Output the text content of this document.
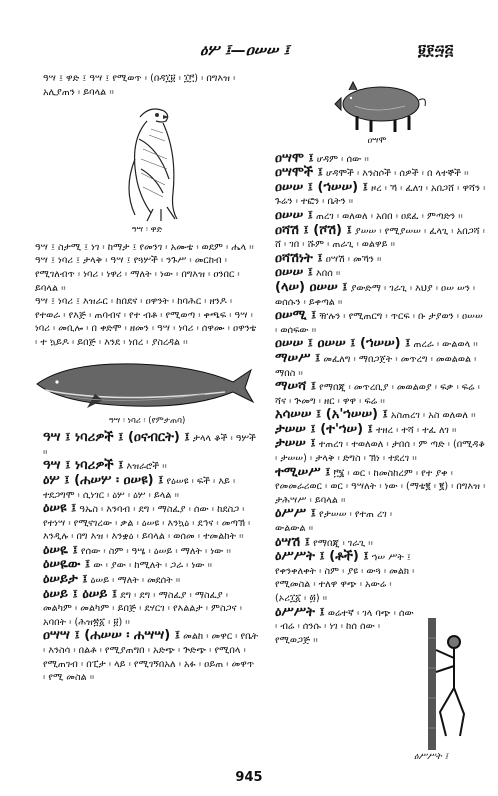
ዕሦ ፤—ዐሠሠ ፤	፱፻፵፭

ዓሣ ፤ ዋድ ፤ ዓሣ ፤ የሚወጥ ፡ (በዳ፲፱ ፡ ፲፫) ፡ በግእዝ ፡ አሊያጠን ፡ ይባላል ፡፡

ዓሣ ፡ ዋድ

ዓሣ ፤ ስታሚ ፤ ነገ ፡ ከማታ ፤ የመንገ ፡ አሙቴ ፡ ወደም ፡ ሔላ ፡፡

ዓሣ ፤ ነባሪ ፤ ታላቅ ፡ ዓሣ ፤ የጓሦች ፡ ንጉሥ ፡ መርከብ ፡ የሚገለብጥ ፡ ነባሪ ፡ ነዋሪ ፡ ማለት ፡ ነው ፡ በግእዝ ፡ ዐንበር ፡ ይባላል ፡፡

ዓሣ ፤ ነባሪ ፤ እዝራር ፡ ከበደና ፡ ዐዋንት ፡ ከባሕር ፡ ዘንዶ ፡ የተወራ ፡ የእጅ ፡ ጠባብና ፡ የተ ብቶ ፡ የሚወጣ ፡ ቀጫፍ ፡ ዓሣ ፡ ነባሪ ፡ መቢሎ ፡ በ ቀድሞ ፡ ዘመን ፡ ዓሣ ፡ ነባሪ ፡ ሰዋሙ ፡ ዐዋንቴ ፡ ተ ኳይዶ ፡ ይበጅ ፡ እንደ ፡ ነበረ ፡ ያስረዳል ፡፡

ዓሣ ፡ ነባሪ ፡ (የምታጠባ)

ዓሣ ፤ ነባሪዎች ፤ (ዐናብርት) ፤ ታላላ ቆች ፡ ዓሦች ፡፡

ዓሣ ፤ ነባሪዎች ፤ እዝራሮች ፡፡

ዕሦ ፤ (ሐሠሦ ፡ ዐሠዩ) ፤ የዕሠዩ ፡ ፍች ፡ እይ ፡ ተደጋግሞ ፡ ሲነገር ፡ ዕሦ ፡ ዕሦ ፡ ይላል ፡፡

ዕሠዩ ፤ ዓኤስ ፡ እንባብ ፡ ደግ ፡ ማስፈያ ፡ ሰው ፡ ከደስጋ ፡ የተነሣ ፡ የሚናገረው ፡ ቃል ፡ ዕሠዩ ፡ እንኳዕ ፡ ደኅና ፡ መጣኽ ፡ እንዲሉ ፡ በግ እዝ ፡ እንቋዕ ፡ ይባላል ፡ ወሰመ ፡ ተመልከት ፡፡

ዕሠዬ ፤ የሰው ፡ ስም ፡ ዓሤ ፡ ዕሠይ ፡ ማለት ፡ ነው ፡፡

ዕሠዬው ፤ ው ፡ ያው ፡ ከሚለት ፡ ጋራ ፡ ነው ፡፡

ዕሠይታ ፤ ዕሠይ ፡ ማለት ፡ መደሰት ፡፡

ዕሠይ ፤ ዕሠይ ፤ ደግ ፡ ደግ ፡ ማስፈያ ፡ ማስፈያ ፡ መልካም ፡ መልካም ፡ ይበጅ ፡ ደሃርገ ፡ የእልልታ ፡ ምስጋና ፡ አባበት ፡ (ሕዝ፳፩ ፡ ፱) ፡፡

ዐሣሣ ፤ (ሐሠሠ ፡ ሐሣሣ) ፤ መልከ ፡ መዋር ፡ የቤት ፡ እንስሳ ፡ በልቶ ፡ የሚያጠግበ ፡ አድጭ ፡ ጕድጭ ፡ የሚበላ ፡ የሚጠገብ ፡ በፒታ ፡ ላይ ፡ የሚገኝበአለ ፡ አፉ ፡ ዐይጠ ፡ መዋጥ ፡ የሚ መስል ፡፡

ዐሣሞ

ዐሣሞ ፤ ሆዳም ፡ ሰው ፡፡

ዐሣሞች ፤ ሆዳሞች ፡ እንስሶች ፡ ሰዎች ፡ በ ላተኞች ፡፡

ዐሠሠ ፤ (ኀሠሠ) ፤ ዞረ ፡ ኻ ፡ ፈለገ ፡ አበጋሸ ፡ ዋሻን ፡ ጉሬን ፡ ተፎን ፡ ቤትን ፡፡

ዐሠሠ ፤ ጠረገ ፡ ወለወለ ፡ አበበ ፡ ዐደፈ ፡ ምጣድን ፡፡

ዐሻሽ ፤ (ሾሽ) ፤ ያሠሠ ፡ የሚያሠሠ ፡ ፈላጊ ፡ አበጋሻ ፡ ሸ ፡ ገበ ፡ ሹም ፡ ጠራጊ ፡ ወልዋይ ፡፡

ዐሻሽነት ፤ ዐሣሽ ፡ መኻን ፡፡

ዐሠሠ ፤ እበሰ ፡፡

(ላሠ) ዐሠሠ ፤ ያውድማ ፡ ገራጊ ፡ እህያ ፡ ዐሠ ሠን ፡ ወሰሱን ፡ ይቀጣል ፡፡

ዐሠሚ ፤ ዥሉን ፡ የሚጠርግ ፡ ጥርፍ ፡ ቡ ታያወን ፡ ዐሠሠ ፡ ወሰፍው ፡፡

ዐሠሠ ፤ ዐሠሠ ፤ (ኀሠሠ) ፤ ጠረራ ፡ ውልወላ ፡፡

ማሠሥ ፤ መፈለግ ፡ ማበጋጀት ፡ መጥረግ ፡ መወልወል ፡ ማበስ ፡፡

ማሠሻ ፤ የማበጂ ፡ መጥረቢያ ፡ መወልወያ ፡ ፍቃ ፡ ፍሬ ፡ ሻና ፡ ጕመግ ፡ ዘር ፡ ዋዋ ፡ ፍሬ ፡፡

አሳሠሠ ፤ (አ'ኀሠሠ) ፤ አስጠረገ ፡ አስ ወለወለ ፡፡

ታሠሠ ፤ (ተ'ኀሠ) ፤ ተዘረ ፡ ተሻ ፡ ተፈ ለገ ፡፡

ታሠሠ ፤ ተጠረገ ፡ ተወለወለ ፡ ታበሰ ፡ ም ጣድ ፡ (በሚዳቆ ፡ ታሠሠ) ፡ ታላቅ ፡ ድግስ ፡ ኽነ ፡ ተደረገ ፡፡

ተሚሠሥ ፤ ፫፮ ፡ ወር ፡ ከመስከረም ፡ የተ ያቀ ፡ የመመራሪወር ፡ ወር ፡ ዓሣለት ፡ ነው ፡ (ማቴ፪ ፡ ፪) ፡ በግእዝ ፡ ታሕሣሥ ፡ ይባላል ፡፡

ዕሥሥ ፤ የታሠሠ ፡ የተጠ ረገ ፡ ውልውል ፡፡

ዕሣሽ ፤ የማበጂ ፡ ገራጊ ፡፡

ዕሥሥት ፤ (ቶች) ፤ ኀሠ ሥት ፤ የቀንቀለቀት ፡ ስም ፡ ያዩ ፡ ውጓ ፡ መልክ ፡ የሚመስል ፡ ተለዋ ዋጭ ፡ አውሬ ፡ (ኦሪ፲፩ ፡ ፴) ፡፡

ዕሥሥት ፤ ወሬተኛ ፡ ገላ ባጭ ፡ ሰው ፡ ብሬ ፡ ሰንሱ ፡ ነገ ፡ ከሰ ሰው ፡ የሚወጋጅ ፡፡

ዕሥሥት ፤
945
